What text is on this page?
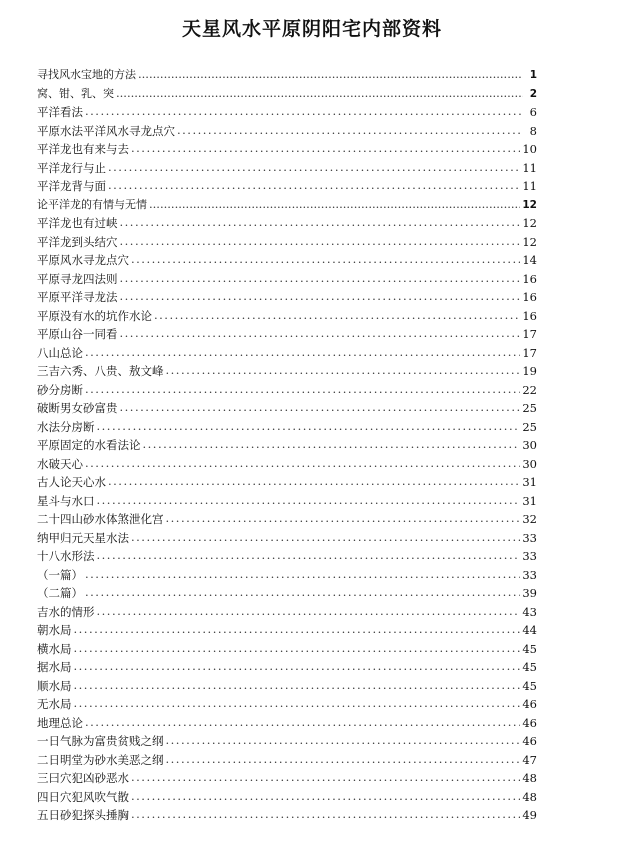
天星风水平原阴阳宅内部资料
寻找风水宝地的方法 .....	1
窝、钳、乳、突 .....	2
平洋看法 .....	6
平原水法平洋风水寻龙点穴 .....	8
平洋龙也有来与去 .....	10
平洋龙行与止 .....	11
平洋龙背与面 .....	11
论平洋龙的有情与无情 .....	12
平洋龙也有过峡 .....	12
平洋龙到头结穴 .....	12
平原风水寻龙点穴 .....	14
平原寻龙四法则 .....	16
平原平洋寻龙法 .....	16
平原没有水的坑作水论 .....	16
平原山谷一同看 .....	17
八山总论 .....	17
三吉六秀、八贵、敖文峰 .....	19
砂分房断 .....	22
破断男女砂富贵 .....	25
水法分房断 .....	25
平原固定的水看法论 .....	30
水破天心 .....	30
古人论天心水 .....	31
星斗与水口 .....	31
二十四山砂水体煞泄化宫 .....	32
纳甲归元天星水法 .....	33
十八水形法 .....	33
（一篇） .....	33
（二篇） .....	39
吉水的情形 .....	43
朝水局 .....	44
横水局 .....	45
据水局 .....	45
顺水局 .....	45
无水局 .....	46
地理总论 .....	46
一日气脉为富贵贫贱之纲 .....	46
二日明堂为砂水美恶之纲 .....	47
三曰穴犯凶砂恶水 .....	48
四日穴犯风吹气散 .....	48
五日砂犯探头捶胸 .....	49
